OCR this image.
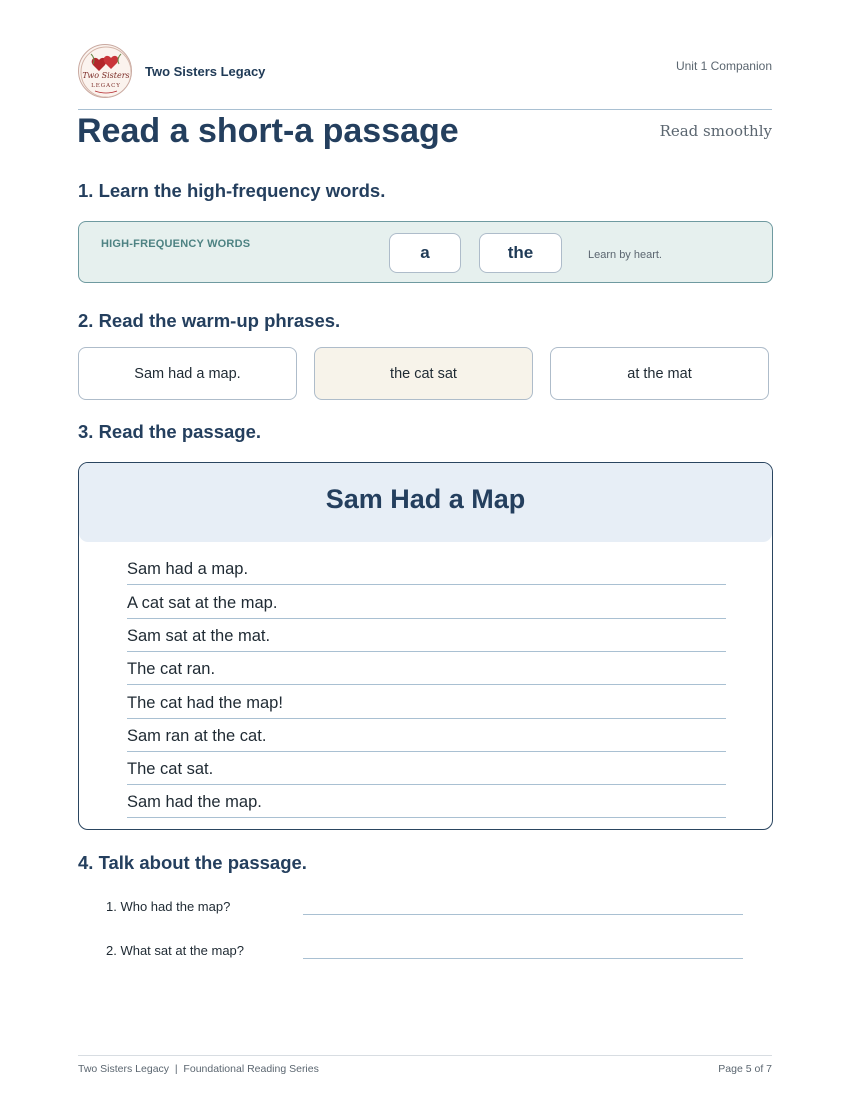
Two Sisters
LEGACY
Two Sisters Legacy	Unit 1 Companion
Read a short-a passage	Read smoothly
1. Learn the high-frequency words.
HIGH-FREQUENCY WORDS	a	the	Learn by heart.
2. Read the warm-up phrases.
Sam had a map.	the cat sat	at the mat
3. Read the passage.
Sam Had a Map
Sam had a map.
A cat sat at the map.
Sam sat at the mat.
The cat ran.
The cat had the map!
Sam ran at the cat.
The cat sat.
Sam had the map.
4. Talk about the passage.
1. Who had the map?
2. What sat at the map?
Two Sisters Legacy  |  Foundational Reading Series	Page 5 of 7
